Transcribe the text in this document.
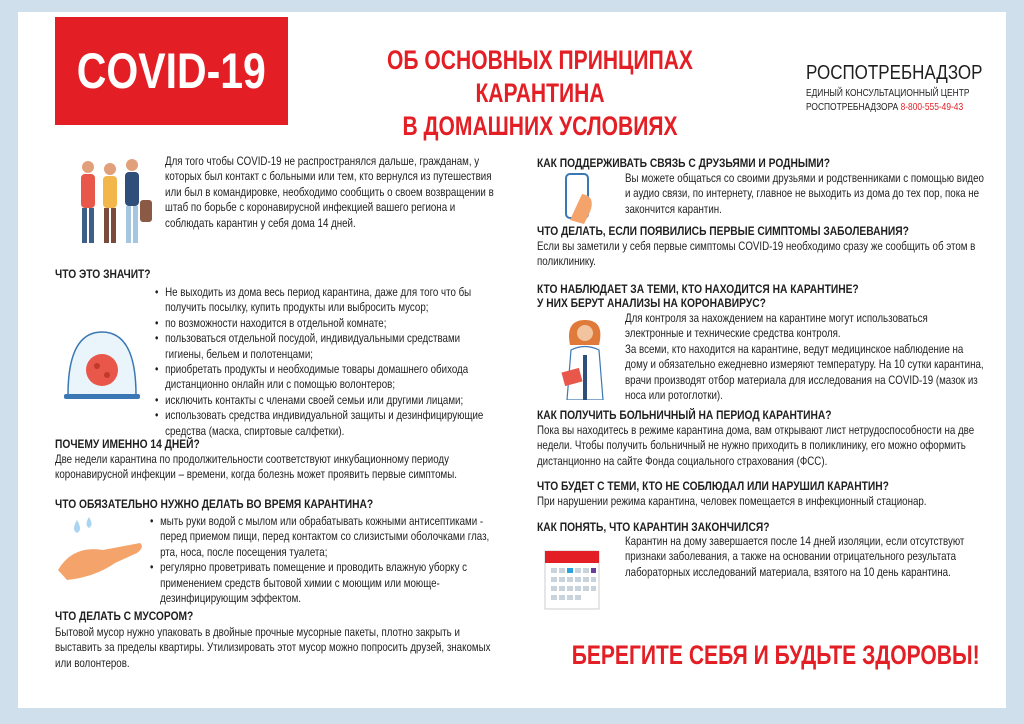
COVID-19	ОБ ОСНОВНЫХ ПРИНЦИПАХ КАРАНТИНА
В ДОМАШНИХ УСЛОВИЯХ
РОСПОТРЕБНАДЗОР
ЕДИНЫЙ КОНСУЛЬТАЦИОННЫЙ ЦЕНТР
РОСПОТРЕБНАДЗОРА 8-800-555-49-43
Для того чтобы COVID-19 не распространялся дальше, гражданам, у которых был контакт с больными или тем, кто вернулся из путешествия или был в командировке, необходимо сообщить о своем возвращении в штаб по борьбе с коронавирусной инфекцией вашего региона и соблюдать карантин у себя дома 14 дней.
ЧТО ЭТО ЗНАЧИТ?
• Не выходить из дома весь период карантина, даже для того что бы получить посылку, купить продукты или выбросить мусор;
• по возможности находится в отдельной комнате;
• пользоваться отдельной посудой, индивидуальными средствами гигиены, бельем и полотенцами;
• приобретать продукты и необходимые товары домашнего обихода дистанционно онлайн или с помощью волонтеров;
• исключить контакты с членами своей семьи или другими лицами;
• использовать средства индивидуальной защиты и дезинфицирующие средства (маска, спиртовые салфетки).
ПОЧЕМУ ИМЕННО 14 ДНЕЙ?
Две недели карантина по продолжительности соответствуют инкубационному периоду коронавирусной инфекции – времени, когда болезнь может проявить первые симптомы.
ЧТО ОБЯЗАТЕЛЬНО НУЖНО ДЕЛАТЬ ВО ВРЕМЯ КАРАНТИНА?
• мыть руки водой с мылом или обрабатывать кожными антисептиками - перед приемом пищи, перед контактом со слизистыми оболочками глаз, рта, носа, после посещения туалета;
• регулярно проветривать помещение и проводить влажную уборку с применением средств бытовой химии с моющим или моюще-дезинфицирующим эффектом.
ЧТО ДЕЛАТЬ С МУСОРОМ?
Бытовой мусор нужно упаковать в двойные прочные мусорные пакеты, плотно закрыть и выставить за пределы квартиры. Утилизировать этот мусор можно попросить друзей, знакомых или волонтеров.
КАК ПОДДЕРЖИВАТЬ СВЯЗЬ С ДРУЗЬЯМИ И РОДНЫМИ?
Вы можете общаться со своими друзьями и родственниками с помощью видео и аудио связи, по интернету, главное не выходить из дома до тех пор, пока не закончится карантин.
ЧТО ДЕЛАТЬ, ЕСЛИ ПОЯВИЛИСЬ ПЕРВЫЕ СИМПТОМЫ ЗАБОЛЕВАНИЯ?
Если вы заметили у себя первые симптомы COVID-19 необходимо сразу же сообщить об этом в поликлинику.
КТО НАБЛЮДАЕТ ЗА ТЕМИ, КТО НАХОДИТСЯ НА КАРАНТИНЕ?
У НИХ БЕРУТ АНАЛИЗЫ НА КОРОНАВИРУС?
Для контроля за нахождением на карантине могут использоваться электронные и технические средства контроля.
За всеми, кто находится на карантине, ведут медицинское наблюдение на дому и обязательно ежедневно измеряют температуру. На 10 сутки карантина, врачи производят отбор материала для исследования на COVID-19 (мазок из носа или ротоглотки).
КАК ПОЛУЧИТЬ БОЛЬНИЧНЫЙ НА ПЕРИОД КАРАНТИНА?
Пока вы находитесь в режиме карантина дома, вам открывают лист нетрудоспособности на две недели. Чтобы получить больничный не нужно приходить в поликлинику, его можно оформить дистанционно на сайте Фонда социального страхования (ФСС).
ЧТО БУДЕТ С ТЕМИ, КТО НЕ СОБЛЮДАЛ ИЛИ НАРУШИЛ КАРАНТИН?
При нарушении режима карантина, человек помещается в инфекционный стационар.
КАК ПОНЯТЬ, ЧТО КАРАНТИН ЗАКОНЧИЛСЯ?
Карантин на дому завершается после 14 дней изоляции, если отсутствуют признаки заболевания, а также на основании отрицательного результата лабораторных исследований материала, взятого на 10 день карантина.
БЕРЕГИТЕ СЕБЯ И БУДЬТЕ ЗДОРОВЫ!
